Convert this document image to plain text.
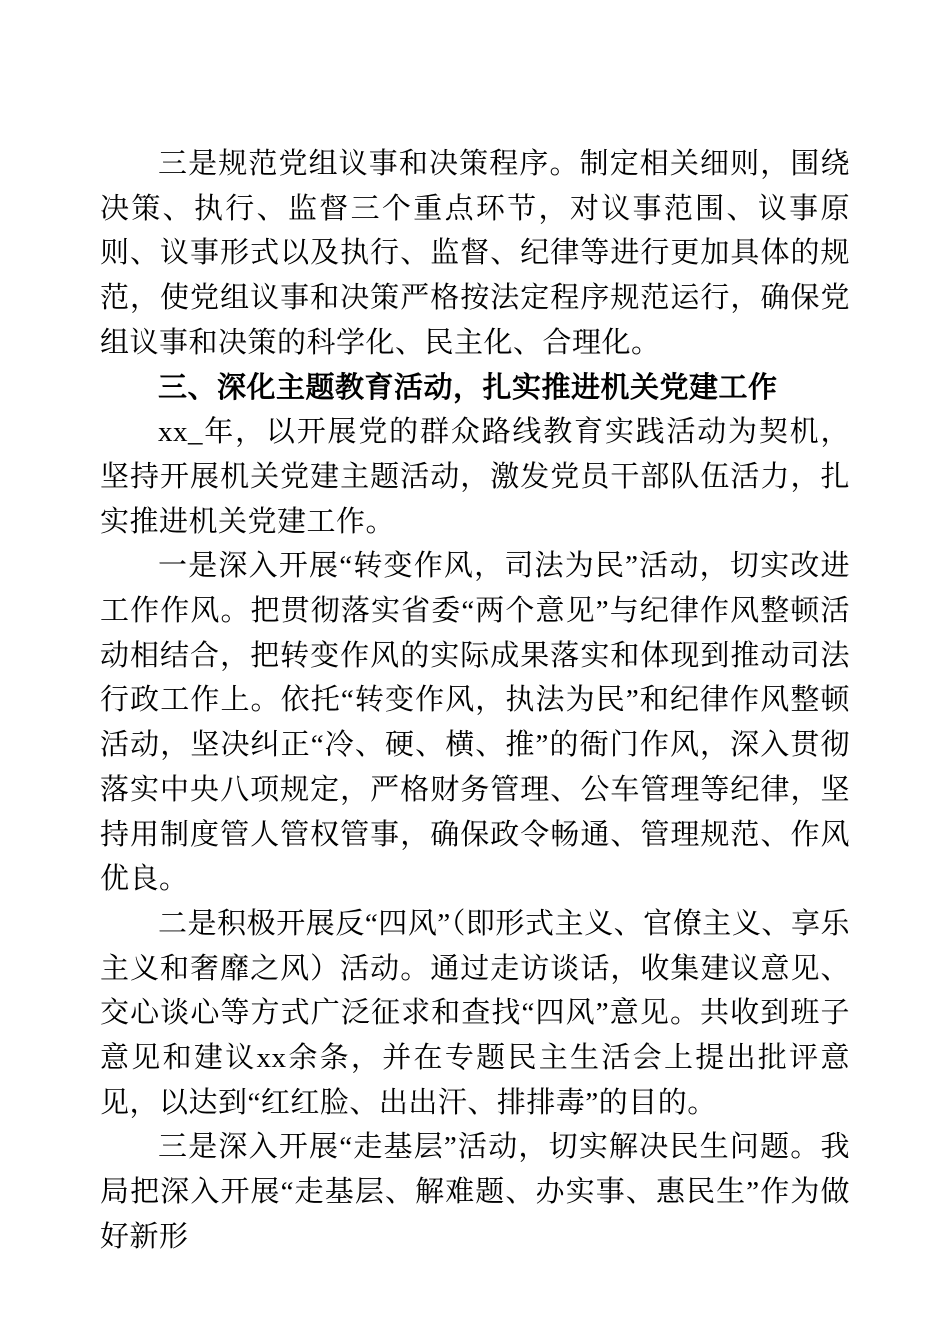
三是规范党组议事和决策程序。制定相关细则，围绕决策、执行、监督三个重点环节，对议事范围、议事原则、议事形式以及执行、监督、纪律等进行更加具体的规范，使党组议事和决策严格按法定程序规范运行，确保党组议事和决策的科学化、民主化、合理化。

三、深化主题教育活动，扎实推进机关党建工作

xx_年，以开展党的群众路线教育实践活动为契机，坚持开展机关党建主题活动，激发党员干部队伍活力，扎实推进机关党建工作。

一是深入开展“转变作风，司法为民”活动，切实改进工作作风。把贯彻落实省委“两个意见”与纪律作风整顿活动相结合，把转变作风的实际成果落实和体现到推动司法行政工作上。依托“转变作风，执法为民”和纪律作风整顿活动，坚决纠正“冷、硬、横、推”的衙门作风，深入贯彻落实中央八项规定，严格财务管理、公车管理等纪律，坚持用制度管人管权管事，确保政令畅通、管理规范、作风优良。

二是积极开展反“四风”（即形式主义、官僚主义、享乐主义和奢靡之风）活动。通过走访谈话，收集建议意见、交心谈心等方式广泛征求和查找“四风”意见。共收到班子意见和建议xx余条，并在专题民主生活会上提出批评意见，以达到“红红脸、出出汗、排排毒”的目的。

三是深入开展“走基层”活动，切实解决民生问题。我局把深入开展“走基层、解难题、办实事、惠民生”作为做好新形
